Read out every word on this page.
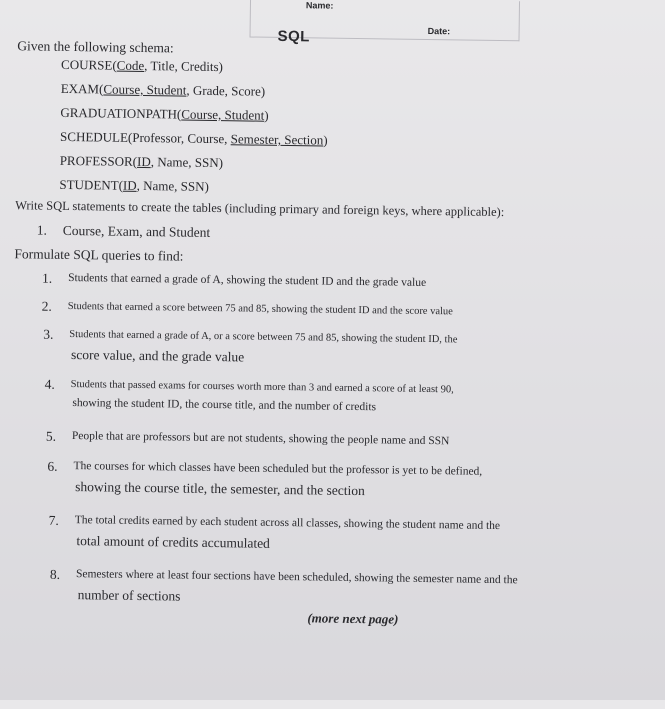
Name:
Date:
SQL
Given the following schema:
COURSE(Code, Title, Credits)
EXAM(Course, Student, Grade, Score)
GRADUATIONPATH(Course, Student)
SCHEDULE(Professor, Course, Semester, Section)
PROFESSOR(ID, Name, SSN)
STUDENT(ID, Name, SSN)
Write SQL statements to create the tables (including primary and foreign keys, where applicable):
1. Course, Exam, and Student
Formulate SQL queries to find:
1. Students that earned a grade of A, showing the student ID and the grade value
2. Students that earned a score between 75 and 85, showing the student ID and the score value
3. Students that earned a grade of A, or a score between 75 and 85, showing the student ID, the
score value, and the grade value
4. Students that passed exams for courses worth more than 3 and earned a score of at least 90,
showing the student ID, the course title, and the number of credits
5. People that are professors but are not students, showing the people name and SSN
6. The courses for which classes have been scheduled but the professor is yet to be defined,
showing the course title, the semester, and the section
7. The total credits earned by each student across all classes, showing the student name and the
total amount of credits accumulated
8. Semesters where at least four sections have been scheduled, showing the semester name and the
number of sections
(more next page)
